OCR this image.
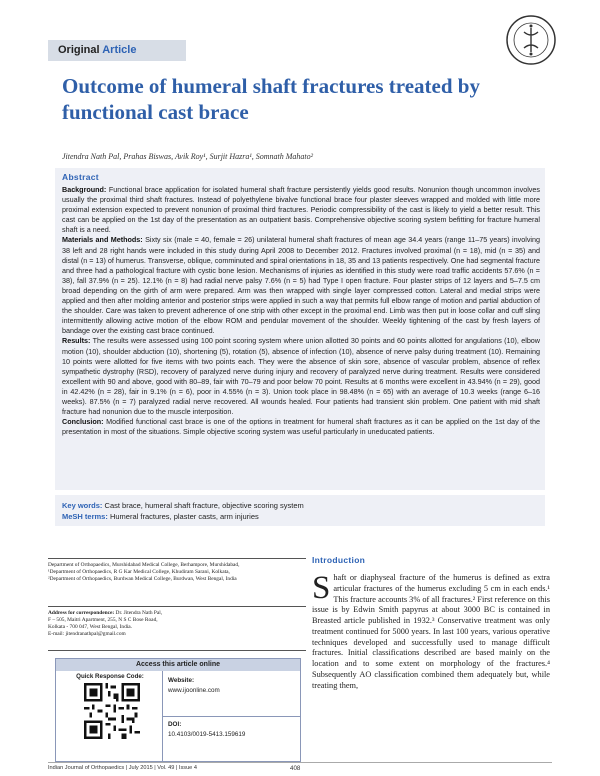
Original Article
Outcome of humeral shaft fractures treated by functional cast brace
Jitendra Nath Pal, Prahas Biswas, Avik Roy¹, Surjit Hazra¹, Somnath Mahato²
Abstract

Background: Functional brace application for isolated humeral shaft fracture persistently yields good results. Nonunion though uncommon involves usually the proximal third shaft fractures. Instead of polyethylene bivalve functional brace four plaster sleeves wrapped and molded with little more proximal extension expected to prevent nonunion of proximal third fractures. Periodic compressibility of the cast is likely to yield a better result. This cast can be applied on the 1st day of the presentation as an outpatient basis. Comprehensive objective scoring system befitting for fracture humeral shaft is a need.

Materials and Methods: Sixty six (male = 40, female = 26) unilateral humeral shaft fractures of mean age 34.4 years (range 11–75 years) involving 38 left and 28 right hands were included in this study during April 2008 to December 2012. Fractures involved proximal (n = 18), mid (n = 35) and distal (n = 13) of humerus. Transverse, oblique, comminuted and spiral orientations in 18, 35 and 13 patients respectively. One had segmental fracture and three had a pathological fracture with cystic bone lesion. Mechanisms of injuries as identified in this study were road traffic accidents 57.6% (n = 38), fall 37.9% (n = 25). 12.1% (n = 8) had radial nerve palsy 7.6% (n = 5) had Type I open fracture. Four plaster strips of 12 layers and 5–7.5 cm broad depending on the girth of arm were prepared. Arm was then wrapped with single layer compressed cotton. Lateral and medial strips were applied and then after molding anterior and posterior strips were applied in such a way that permits full elbow range of motion and partial abduction of the shoulder. Care was taken to prevent adherence of one strip with other except in the proximal end. Limb was then put in loose collar and cuff sling intermittently allowing active motion of the elbow ROM and pendular movement of the shoulder. Weekly tightening of the cast by fresh layers of bandage over the existing cast brace continued.

Results: The results were assessed using 100 point scoring system where union allotted 30 points and 60 points allotted for angulations (10), elbow motion (10), shoulder abduction (10), shortening (5), rotation (5), absence of infection (10), absence of nerve palsy during treatment (10). Remaining 10 points were allotted for five items with two points each. They were the absence of skin sore, absence of vascular problem, absence of reflex sympathetic dystrophy (RSD), recovery of paralyzed nerve during injury and recovery of paralyzed nerve during treatment. Results were considered excellent with 90 and above, good with 80–89, fair with 70–79 and poor below 70 point. Results at 6 months were excellent in 43.94% (n = 29), good in 42.42% (n = 28), fair in 9.1% (n = 6), poor in 4.55% (n = 3). Union took place in 98.48% (n = 65) with an average of 10.3 weeks (range 6–16 weeks). 87.5% (n = 7) paralyzed radial nerve recovered. All wounds healed. Four patients had transient skin problem. One patient with mid shaft fracture had nonunion due to the muscle interposition.

Conclusion: Modified functional cast brace is one of the options in treatment for humeral shaft fractures as it can be applied on the 1st day of the presentation in most of the situations. Simple objective scoring system was useful particularly in uneducated patients.

Key words: Cast brace, humeral shaft fracture, objective scoring system
MeSH terms: Humeral fractures, plaster casts, arm injuries

Department of Orthopaedics, Murshidabad Medical College, Berhampore, Murshidabad,

¹Department of Orthopaedics, R G Kar Medical College, Khudiram Sarani, Kolkata,

²Department of Orthopaedics, Burdwan Medical College, Burdwan, West Bengal, India

Address for correspondence: Dr. Jitendra Nath Pal,

F – 505, Maitri Apartment, 255, N S C Bose Road,

Kolkata - 700 047, West Bengal, India.

E-mail: jitendranathpal@gmail.com

Access this article online
Quick Response Code:
Website:
www.ijoonline.com
DOI:
10.4103/0019-5413.159619
Introduction
Shaft or diaphyseal fracture of the humerus is defined as extra articular fractures of the humerus excluding 5 cm in each ends.¹ This fracture accounts 3% of all fractures.² First reference on this issue is by Edwin Smith papyrus at about 3000 BC is contained in Breasted article published in 1932.³ Conservative treatment was only treatment continued for 5000 years. In last 100 years, various operative techniques developed and successfully used to manage difficult fractures. Initial classifications described are based mainly on the location and to some extent on morphology of the fractures.⁴ Subsequently AO classification combined them adequately but, while treating them,
Indian Journal of Orthopaedics | July 2015 | Vol. 49 | Issue 4	408
